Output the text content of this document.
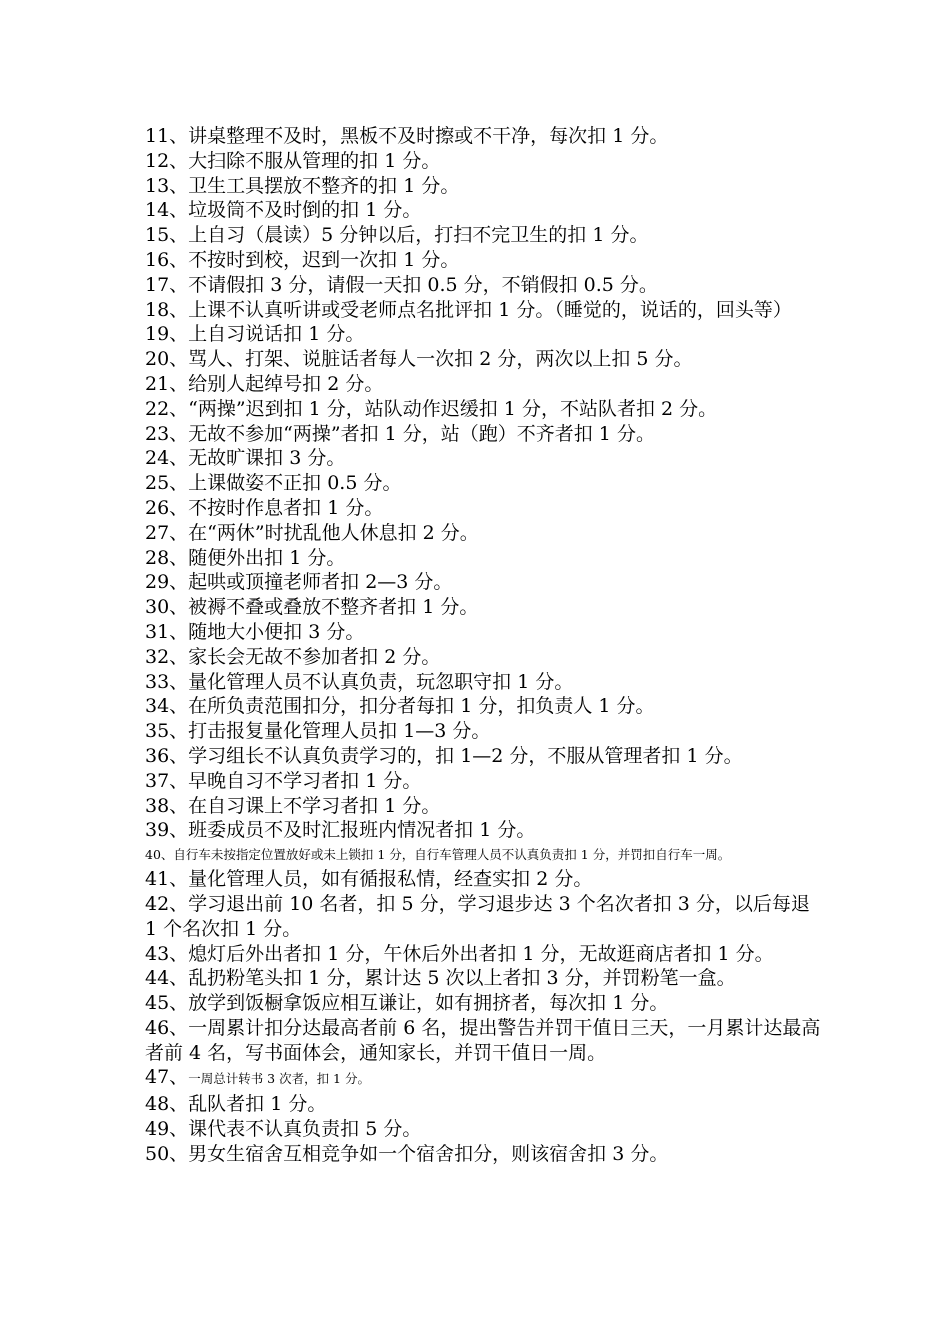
11、讲桌整理不及时，黑板不及时擦或不干净，每次扣 1 分。

12、大扫除不服从管理的扣 1 分。

13、卫生工具摆放不整齐的扣 1 分。

14、垃圾筒不及时倒的扣 1 分。

15、上自习（晨读）5 分钟以后，打扫不完卫生的扣 1 分。

16、不按时到校，迟到一次扣 1 分。

17、不请假扣 3 分，请假一天扣 0.5 分，不销假扣 0.5 分。

18、上课不认真听讲或受老师点名批评扣 1 分。（睡觉的，说话的，回头等）

19、上自习说话扣 1 分。

20、骂人、打架、说脏话者每人一次扣 2 分，两次以上扣 5 分。

21、给别人起绰号扣 2 分。

22、“两操”迟到扣 1 分，站队动作迟缓扣 1 分，不站队者扣 2 分。

23、无故不参加“两操”者扣 1 分，站（跑）不齐者扣 1 分。

24、无故旷课扣 3 分。

25、上课做姿不正扣 0.5 分。

26、不按时作息者扣 1 分。

27、在“两休”时扰乱他人休息扣 2 分。

28、随便外出扣 1 分。

29、起哄或顶撞老师者扣 2—3 分。

30、被褥不叠或叠放不整齐者扣 1 分。

31、随地大小便扣 3 分。

32、家长会无故不参加者扣 2 分。

33、量化管理人员不认真负责，玩忽职守扣 1 分。

34、在所负责范围扣分，扣分者每扣 1 分，扣负责人 1 分。

35、打击报复量化管理人员扣 1—3 分。

36、学习组长不认真负责学习的，扣 1—2 分，不服从管理者扣 1 分。

37、早晚自习不学习者扣 1 分。

38、在自习课上不学习者扣 1 分。

39、班委成员不及时汇报班内情况者扣 1 分。

40、自行车未按指定位置放好或未上锁扣 1 分，自行车管理人员不认真负责扣 1 分，并罚扣自行车一周。

41、量化管理人员，如有循报私情，经查实扣 2 分。

42、学习退出前 10 名者，扣 5 分，学习退步达 3 个名次者扣 3 分，以后每退 1 个名次扣 1 分。

43、熄灯后外出者扣 1 分，午休后外出者扣 1 分，无故逛商店者扣 1 分。

44、乱扔粉笔头扣 1 分，累计达 5 次以上者扣 3 分，并罚粉笔一盒。

45、放学到饭橱拿饭应相互谦让，如有拥挤者，每次扣 1 分。

46、一周累计扣分达最高者前 6 名，提出警告并罚干值日三天，一月累计达最高者前 4 名，写书面体会，通知家长，并罚干值日一周。

47、一周总计转书 3 次者，扣 1 分。

48、乱队者扣 1 分。

49、课代表不认真负责扣 5 分。

50、男女生宿舍互相竞争如一个宿舍扣分，则该宿舍扣 3 分。
